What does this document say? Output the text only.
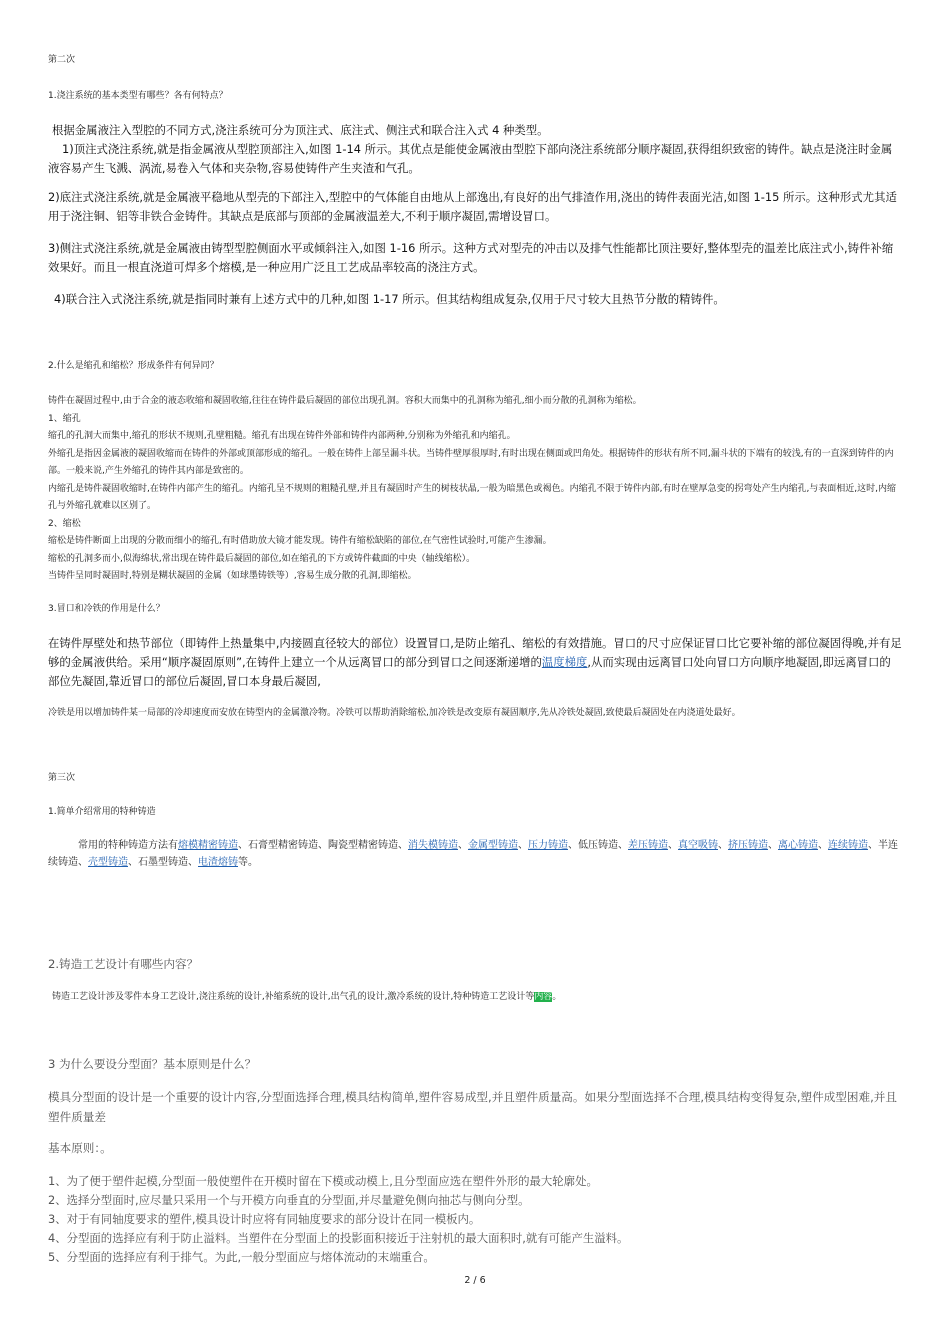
第二次
1.浇注系统的基本类型有哪些？各有何特点？
根据金属液注入型腔的不同方式,浇注系统可分为顶注式、底注式、侧注式和联合注入式 4 种类型。
1)顶注式浇注系统,就是指金属液从型腔顶部注入,如图 1-14 所示。其优点是能使金属液由型腔下部向浇注系统部分顺序凝固,获得组织致密的铸件。缺点是浇注时金属液容易产生飞溅、涡流,易卷入气体和夹杂物,容易使铸件产生夹渣和气孔。
2)底注式浇注系统,就是金属液平稳地从型壳的下部注入,型腔中的气体能自由地从上部逸出,有良好的出气排渣作用,浇出的铸件表面光洁,如图 1-15 所示。这种形式尤其适用于浇注铜、铝等非铁合金铸件。其缺点是底部与顶部的金属液温差大,不利于顺序凝固,需增设冒口。
3)侧注式浇注系统,就是金属液由铸型型腔侧面水平或倾斜注入,如图 1-16 所示。这种方式对型壳的冲击以及排气性能都比顶注要好,整体型壳的温差比底注式小,铸件补缩效果好。而且一根直浇道可焊多个熔模,是一种应用广泛且工艺成品率较高的浇注方式。
4)联合注入式浇注系统,就是指同时兼有上述方式中的几种,如图 1-17 所示。但其结构组成复杂,仅用于尺寸较大且热节分散的精铸件。
2.什么是缩孔和缩松？形成条件有何异同？
铸件在凝固过程中,由于合金的液态收缩和凝固收缩,往往在铸件最后凝固的部位出现孔洞。容积大而集中的孔洞称为缩孔,细小而分散的孔洞称为缩松。
1、缩孔
缩孔的孔洞大而集中,缩孔的形状不规则,孔壁粗糙。缩孔有出现在铸件外部和铸件内部两种,分别称为外缩孔和内缩孔。
外缩孔是指因金属液的凝固收缩而在铸件的外部或顶部形成的缩孔。一般在铸件上部呈漏斗状。当铸件壁厚很厚时,有时出现在侧面或凹角处。根据铸件的形状有所不同,漏斗状的下端有的较浅,有的一直深到铸件的内部。一般来说,产生外缩孔的铸件其内部是致密的。
内缩孔是铸件凝固收缩时,在铸件内部产生的缩孔。内缩孔呈不规则的粗糙孔壁,并且有凝固时产生的树枝状晶,一般为暗黑色或褐色。内缩孔不限于铸件内部,有时在壁厚急变的拐弯处产生内缩孔,与表面相近,这时,内缩孔与外缩孔就难以区别了。
2、缩松
缩松是铸件断面上出现的分散而细小的缩孔,有时借助放大镜才能发现。铸件有缩松缺陷的部位,在气密性试验时,可能产生渗漏。
缩松的孔洞多而小,似海绵状,常出现在铸件最后凝固的部位,如在缩孔的下方或铸件截面的中央（轴线缩松）。
当铸件呈同时凝固时,特别是糊状凝固的金属（如球墨铸铁等）,容易生成分散的孔洞,即缩松。
3.冒口和冷铁的作用是什么？
在铸件厚壁处和热节部位（即铸件上热量集中,内接圆直径较大的部位）设置冒口,是防止缩孔、缩松的有效措施。冒口的尺寸应保证冒口比它要补缩的部位凝固得晚,并有足够的金属液供给。采用“顺序凝固原则”,在铸件上建立一个从远离冒口的部分到冒口之间逐渐递增的温度梯度,从而实现由远离冒口处向冒口方向顺序地凝固,即远离冒口的部位先凝固,靠近冒口的部位后凝固,冒口本身最后凝固,
冷铁是用以增加铸件某一局部的冷却速度而安放在铸型内的金属激冷物。冷铁可以帮助消除缩松,加冷铁是改变原有凝固顺序,先从冷铁处凝固,致使最后凝固处在内浇道处最好。
第三次
1.简单介绍常用的特种铸造
常用的特种铸造方法有熔模精密铸造、石膏型精密铸造、陶瓷型精密铸造、消失模铸造、金属型铸造、压力铸造、低压铸造、差压铸造、真空吸铸、挤压铸造、离心铸造、连续铸造、半连续铸造、壳型铸造、石墨型铸造、电渣熔铸等。
2.铸造工艺设计有哪些内容？
铸造工艺设计涉及零件本身工艺设计,浇注系统的设计,补缩系统的设计,出气孔的设计,激冷系统的设计,特种铸造工艺设计等内容。
3 为什么要设分型面？基本原则是什么？
模具分型面的设计是一个重要的设计内容,分型面选择合理,模具结构简单,塑件容易成型,并且塑件质量高。如果分型面选择不合理,模具结构变得复杂,塑件成型困难,并且塑件质量差
基本原则：。
1、为了便于塑件起模,分型面一般使塑件在开模时留在下模或动模上,且分型面应选在塑件外形的最大轮廓处。
2、选择分型面时,应尽量只采用一个与开模方向垂直的分型面,并尽量避免侧向抽芯与侧向分型。
3、对于有同轴度要求的塑件,模具设计时应将有同轴度要求的部分设计在同一模板内。
4、分型面的选择应有利于防止溢料。当塑件在分型面上的投影面积接近于注射机的最大面积时,就有可能产生溢料。
5、分型面的选择应有利于排气。为此,一般分型面应与熔体流动的末端重合。
2 / 6
